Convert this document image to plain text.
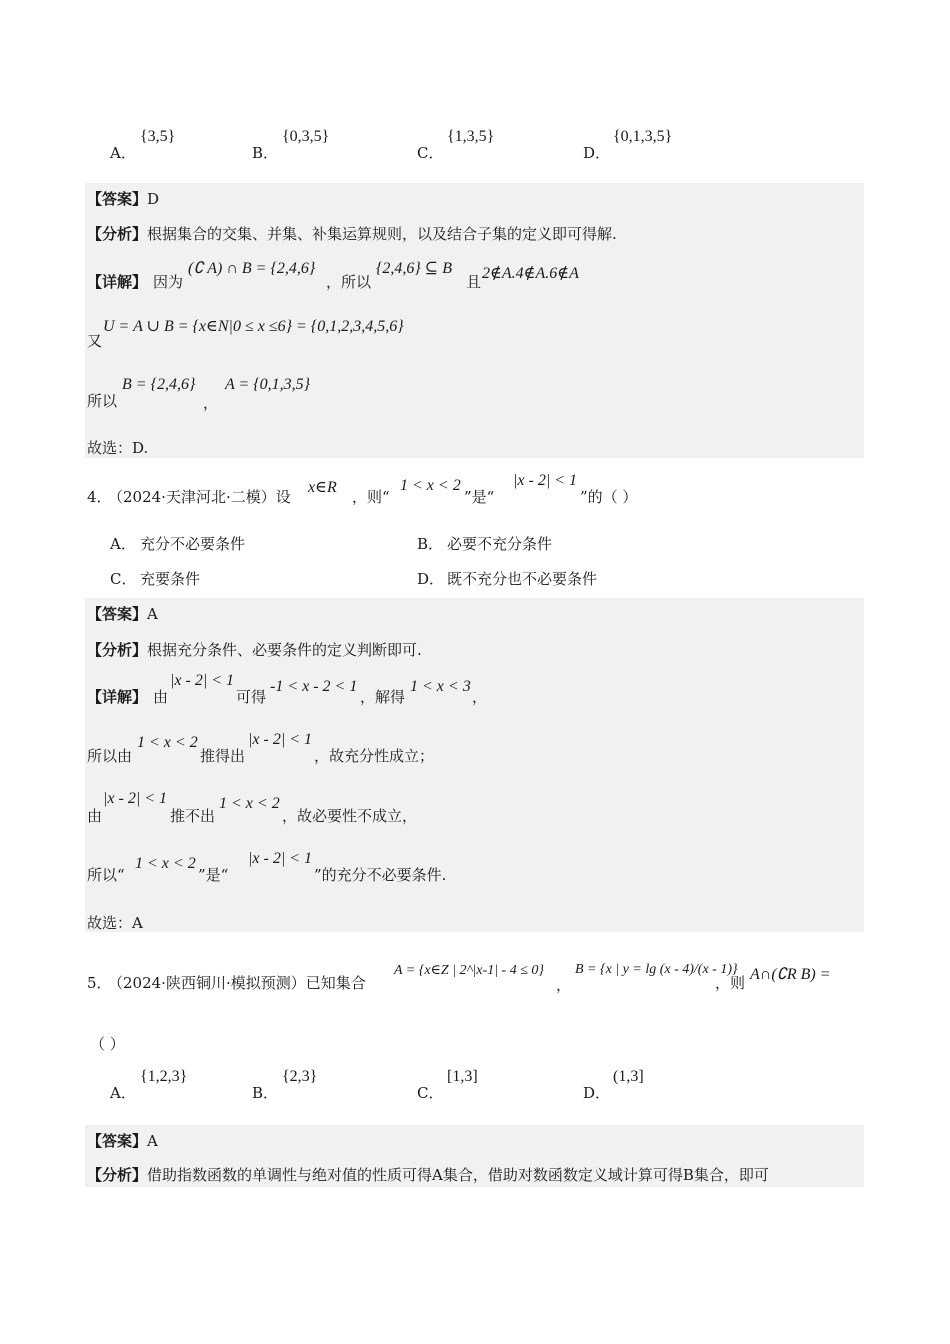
A．
{3,5}
B．
{0,3,5}
C．
{1,3,5}
D．
{0,1,3,5}
【答案】D
【分析】根据集合的交集、并集、补集运算规则，以及结合子集的定义即可得解.
【详解】 因为
(∁ A) ∩ B = {2,4,6}
，所以
{2,4,6} ⊆ B
且 2∉A.4∉A.6∉A
又
U = A ∪ B = {x∈N|0 ≤ x ≤6} = {0,1,2,3,4,5,6}
所以
B = {2,4,6}
，
A = {0,1,3,5}
故选：D.
4．
（2024·天津河北·二模）设
x∈R
，则“
1 < x < 2
”是“
|x - 2| < 1
”的（ ）
A． 充分不必要条件	B． 必要不充分条件
C． 充要条件	D． 既不充分也不必要条件
【答案】A
【分析】根据充分条件、必要条件的定义判断即可.
【详解】 由
|x - 2| < 1
可得
-1 < x - 2 < 1
，解得
1 < x < 3
，
所以由
1 < x < 2
推得出
|x - 2| < 1
，故充分性成立；
由
|x - 2| < 1
推不出
1 < x < 2
，故必要性不成立，
所以“
1 < x < 2
”是“
|x - 2| < 1
”的充分不必要条件.
故选：A
5．
（2024·陕西铜川·模拟预测）已知集合
A = {x∈Z | 2^|x-1| - 4 ≤ 0}
，
B = {x | y = lg (x - 4)/(x - 1)}
，则 A∩(∁R B) =
（ ）
A．
{1,2,3}
B．
{2,3}
C．
[1,3]
D．
(1,3]
【答案】A
【分析】借助指数函数的单调性与绝对值的性质可得A集合，借助对数函数定义域计算可得B集合，即可
